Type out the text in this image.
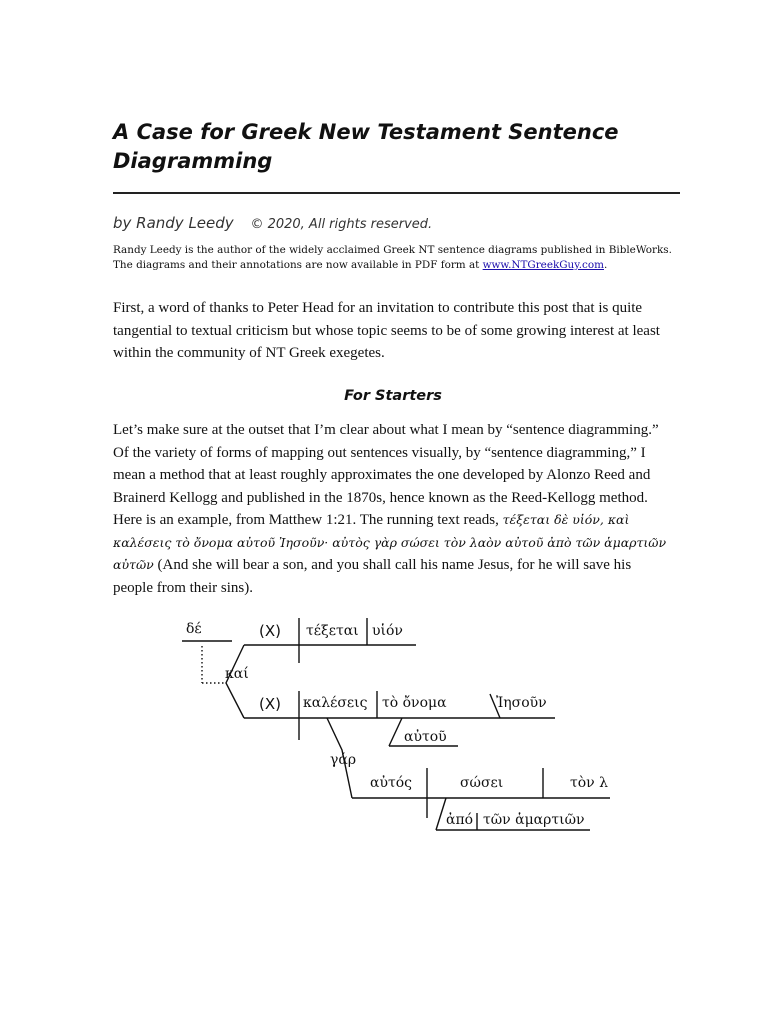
A Case for Greek New Testament Sentence Diagramming
by Randy Leedy © 2020, All rights reserved.
Randy Leedy is the author of the widely acclaimed Greek NT sentence diagrams published in BibleWorks. The diagrams and their annotations are now available in PDF form at www.NTGreekGuy.com.

First, a word of thanks to Peter Head for an invitation to contribute this post that is quite tangential to textual criticism but whose topic seems to be of some growing interest at least within the community of NT Greek exegetes.

For Starters

Let’s make sure at the outset that I’m clear about what I mean by “sentence diagramming.” Of the variety of forms of mapping out sentences visually, by “sentence diagramming,” I mean a method that at least roughly approximates the one developed by Alonzo Reed and Brainerd Kellogg and published in the 1870s, hence known as the Reed-Kellogg method. Here is an example, from Matthew 1:21. The running text reads, τέξεται δὲ υἱόν, καὶ καλέσεις τὸ ὄνομα αὐτοῦ Ἰησοῦν· αὐτὸς γὰρ σώσει τὸν λαὸν αὐτοῦ ἀπὸ τῶν ἁμαρτιῶν αὐτῶν (And she will bear a son, and you shall call his name Jesus, for he will save his people from their sins).

(X) τέξεται υἱόν
δέ
καί
(X) καλέσεις τὸ ὄνομα	Ἰησοῦν
αὐτοῦ
γάρ
αὐτός	σώσει	τὸν λ
ἀπό τῶν ἁμαρτιῶν
